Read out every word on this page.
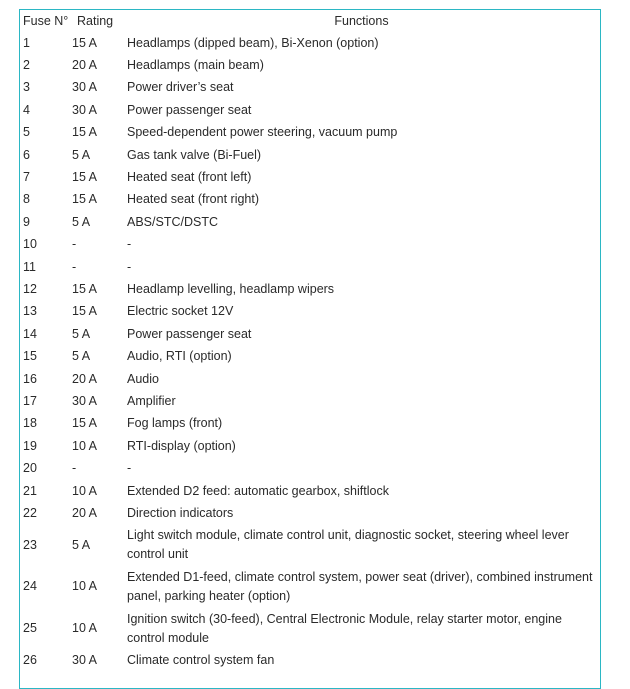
Fuse N°	Rating	Functions
1	15 A	Headlamps (dipped beam), Bi-Xenon (option)
2	20 A	Headlamps (main beam)
3	30 A	Power driver’s seat
4	30 A	Power passenger seat
5	15 A	Speed-dependent power steering, vacuum pump
6	5 A	Gas tank valve (Bi-Fuel)
7	15 A	Heated seat (front left)
8	15 A	Heated seat (front right)
9	5 A	ABS/STC/DSTC
10	-	-
11	-	-
12	15 A	Headlamp levelling, headlamp wipers
13	15 A	Electric socket 12V
14	5 A	Power passenger seat
15	5 A	Audio, RTI (option)
16	20 A	Audio
17	30 A	Amplifier
18	15 A	Fog lamps (front)
19	10 A	RTI-display (option)
20	-	-
21	10 A	Extended D2 feed: automatic gearbox, shiftlock
22	20 A	Direction indicators
23	5 A	Light switch module, climate control unit, diagnostic socket, steering wheel lever control unit
24	10 A	Extended D1-feed, climate control system, power seat (driver), combined instrument panel, parking heater (option)
25	10 A	Ignition switch (30-feed), Central Electronic Module, relay starter motor, engine control module
26	30 A	Climate control system fan
